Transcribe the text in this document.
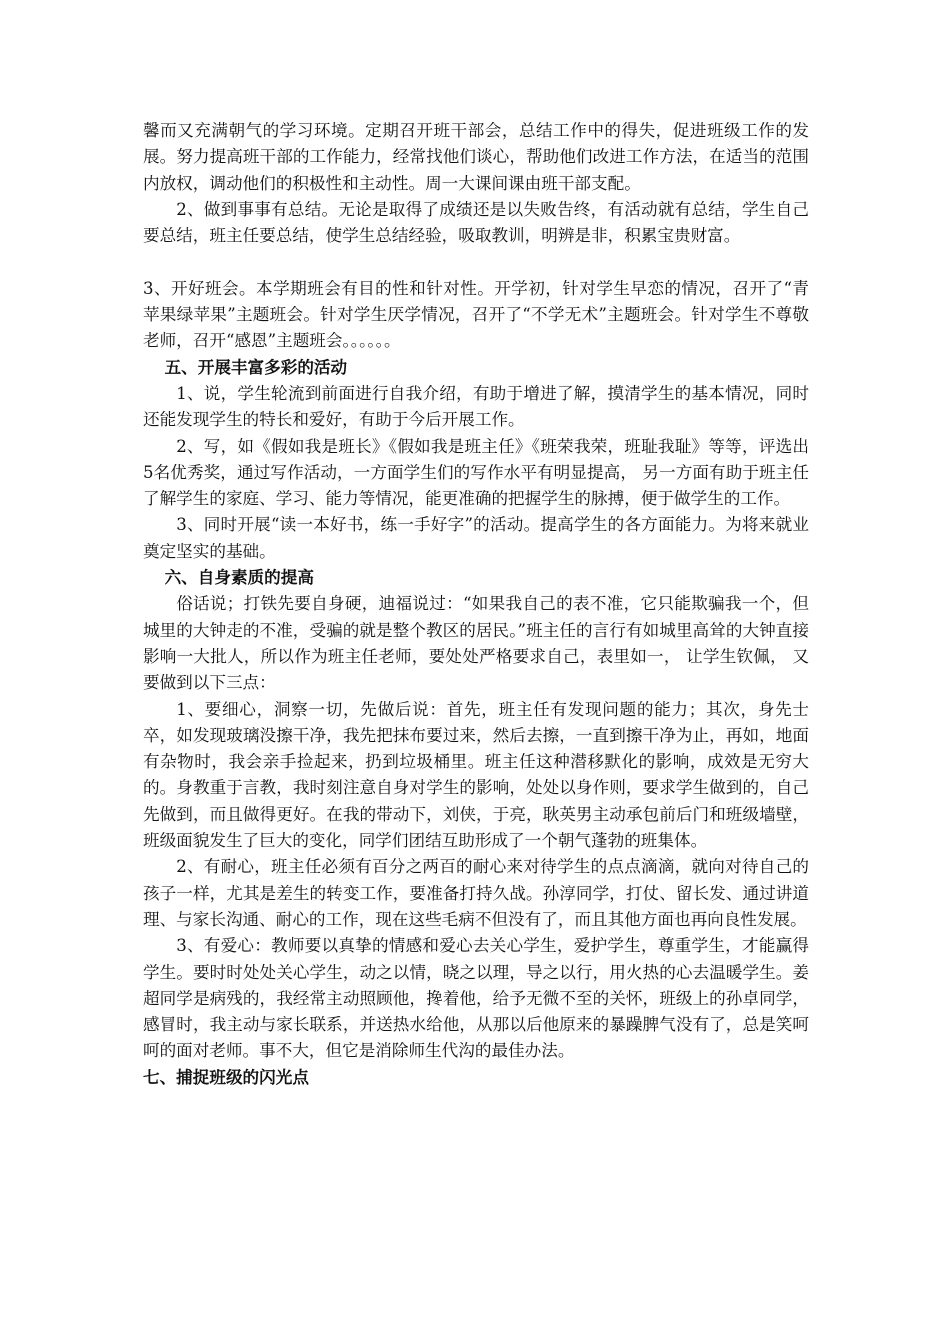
馨而又充满朝气的学习环境。定期召开班干部会，总结工作中的得失，促进班级工作的发展。努力提高班干部的工作能力，经常找他们谈心，帮助他们改进工作方法，在适当的范围内放权，调动他们的积极性和主动性。周一大课间课由班干部支配。

2、做到事事有总结。无论是取得了成绩还是以失败告终，有活动就有总结，学生自己要总结，班主任要总结，使学生总结经验，吸取教训，明辨是非，积累宝贵财富。

3、开好班会。本学期班会有目的性和针对性。开学初，针对学生早恋的情况，召开了“青苹果绿苹果”主题班会。针对学生厌学情况，召开了“不学无术”主题班会。针对学生不尊敬老师，召开“感恩”主题班会。。。。。。

五、开展丰富多彩的活动

1、说，学生轮流到前面进行自我介绍，有助于增进了解，摸清学生的基本情况，同时还能发现学生的特长和爱好，有助于今后开展工作。

2、写，如《假如我是班长》《假如我是班主任》《班荣我荣，班耻我耻》等等，评选出5名优秀奖，通过写作活动，一方面学生们的写作水平有明显提高， 另一方面有助于班主任了解学生的家庭、学习、能力等情况，能更准确的把握学生的脉搏，便于做学生的工作。

3、同时开展“读一本好书，练一手好字”的活动。提高学生的各方面能力。为将来就业奠定坚实的基础。

六、自身素质的提高

俗话说；打铁先要自身硬，迪福说过：“如果我自己的表不准，它只能欺骗我一个，但城里的大钟走的不准，受骗的就是整个教区的居民。”班主任的言行有如城里高耸的大钟直接影响一大批人，所以作为班主任老师，要处处严格要求自己，表里如一， 让学生钦佩， 又要做到以下三点：

1、要细心，洞察一切，先做后说：首先，班主任有发现问题的能力；其次，身先士卒，如发现玻璃没擦干净，我先把抹布要过来，然后去擦，一直到擦干净为止，再如，地面有杂物时，我会亲手捡起来，扔到垃圾桶里。班主任这种潜移默化的影响，成效是无穷大的。身教重于言教，我时刻注意自身对学生的影响，处处以身作则，要求学生做到的，自己先做到，而且做得更好。在我的带动下，刘侠，于亮，耿英男主动承包前后门和班级墙壁，班级面貌发生了巨大的变化，同学们团结互助形成了一个朝气蓬勃的班集体。

2、有耐心，班主任必须有百分之两百的耐心来对待学生的点点滴滴，就向对待自己的孩子一样，尤其是差生的转变工作，要准备打持久战。孙淳同学，打仗、留长发、通过讲道理、与家长沟通、耐心的工作，现在这些毛病不但没有了，而且其他方面也再向良性发展。

3、有爱心：教师要以真挚的情感和爱心去关心学生，爱护学生，尊重学生，才能赢得学生。要时时处处关心学生，动之以情，晓之以理，导之以行，用火热的心去温暖学生。姜超同学是病残的，我经常主动照顾他，搀着他，给予无微不至的关怀，班级上的孙卓同学，感冒时，我主动与家长联系，并送热水给他，从那以后他原来的暴躁脾气没有了，总是笑呵呵的面对老师。事不大，但它是消除师生代沟的最佳办法。

七、捕捉班级的闪光点
